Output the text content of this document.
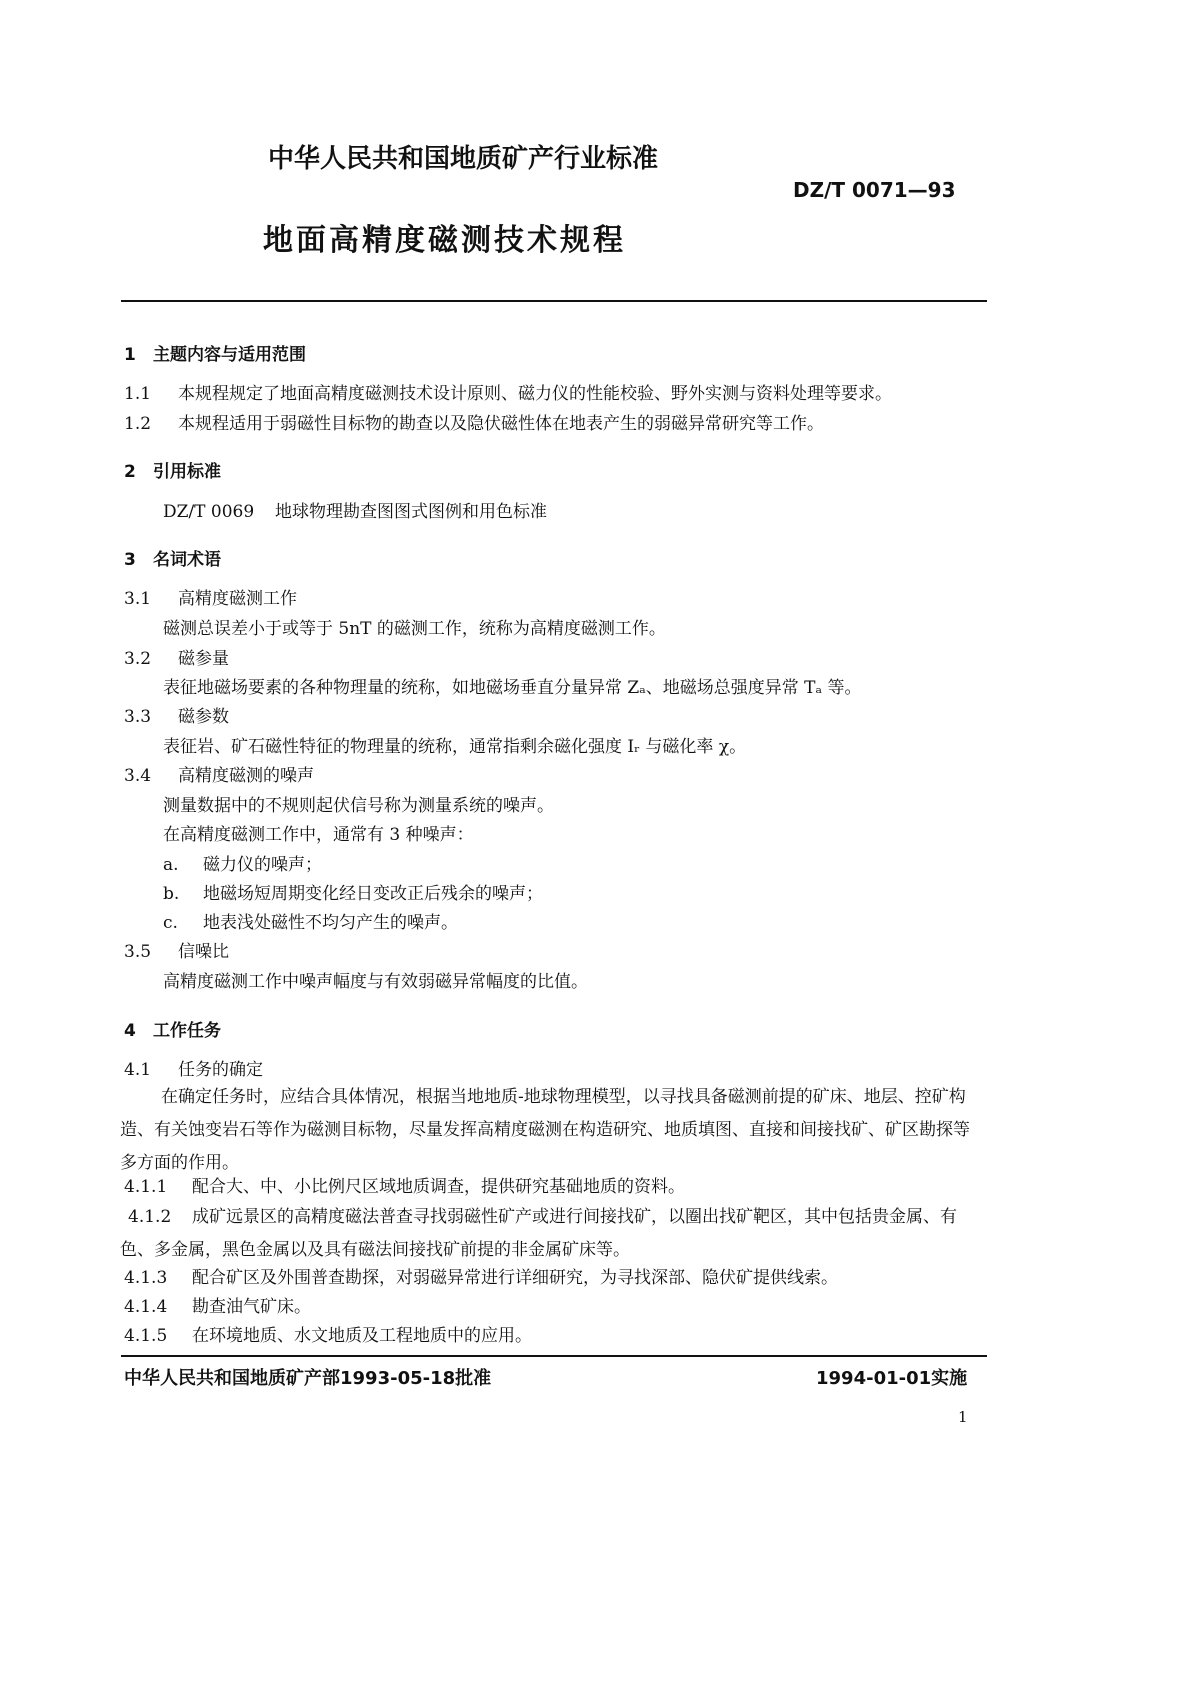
中华人民共和国地质矿产行业标准
DZ/T 0071—93
地面高精度磁测技术规程
1 主题内容与适用范围
1.1 本规程规定了地面高精度磁测技术设计原则、磁力仪的性能校验、野外实测与资料处理等要求。
1.2 本规程适用于弱磁性目标物的勘查以及隐伏磁性体在地表产生的弱磁异常研究等工作。
2 引用标准
DZ/T 0069 地球物理勘查图图式图例和用色标准
3 名词术语
3.1 高精度磁测工作
磁测总误差小于或等于 5nT 的磁测工作，统称为高精度磁测工作。
3.2 磁参量
表征地磁场要素的各种物理量的统称，如地磁场垂直分量异常 Zₐ、地磁场总强度异常 Tₐ 等。
3.3 磁参数
表征岩、矿石磁性特征的物理量的统称，通常指剩余磁化强度 Iᵣ 与磁化率 χ。
3.4 高精度磁测的噪声
测量数据中的不规则起伏信号称为测量系统的噪声。
在高精度磁测工作中，通常有 3 种噪声：
a. 磁力仪的噪声；
b. 地磁场短周期变化经日变改正后残余的噪声；
c. 地表浅处磁性不均匀产生的噪声。
3.5 信噪比
高精度磁测工作中噪声幅度与有效弱磁异常幅度的比值。
4 工作任务
4.1 任务的确定
在确定任务时，应结合具体情况，根据当地地质-地球物理模型，以寻找具备磁测前提的矿床、地层、控矿构造、有关蚀变岩石等作为磁测目标物，尽量发挥高精度磁测在构造研究、地质填图、直接和间接找矿、矿区勘探等多方面的作用。
4.1.1 配合大、中、小比例尺区域地质调查，提供研究基础地质的资料。
4.1.2 成矿远景区的高精度磁法普查寻找弱磁性矿产或进行间接找矿，以圈出找矿靶区，其中包括贵金属、有色、多金属，黑色金属以及具有磁法间接找矿前提的非金属矿床等。
4.1.3 配合矿区及外围普查勘探，对弱磁异常进行详细研究，为寻找深部、隐伏矿提供线索。
4.1.4 勘查油气矿床。
4.1.5 在环境地质、水文地质及工程地质中的应用。
中华人民共和国地质矿产部1993-05-18批准	1994-01-01实施
1
